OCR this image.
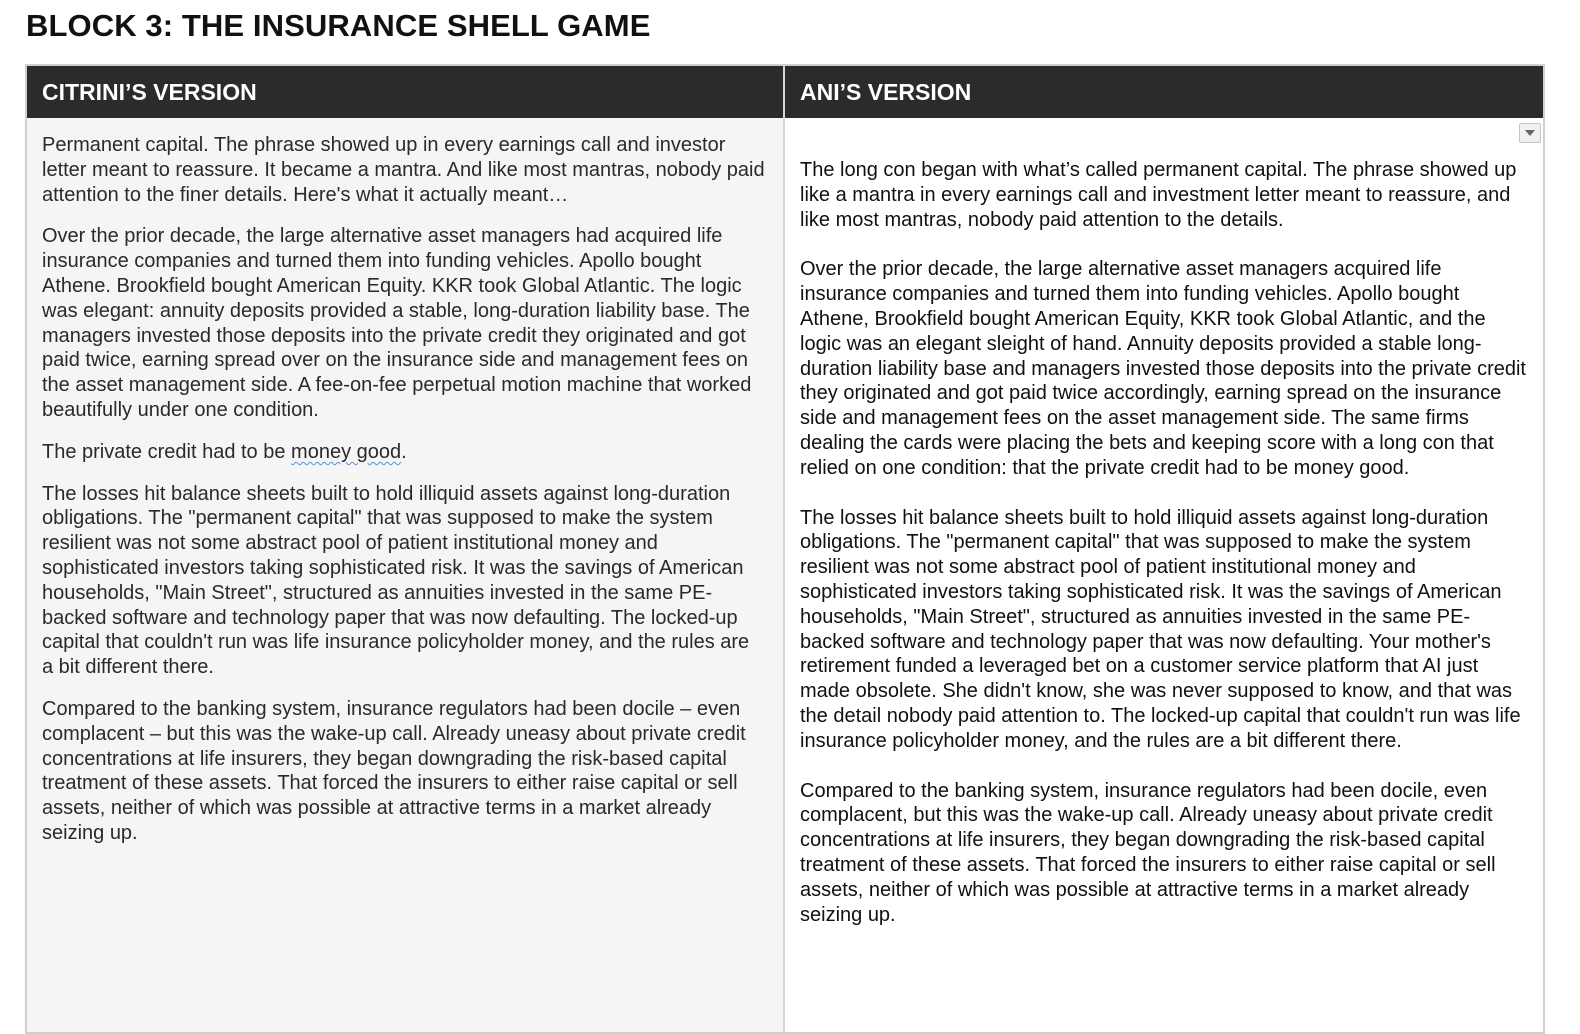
BLOCK 3: THE INSURANCE SHELL GAME
CITRINI’S VERSION	ANI’S VERSION

Permanent capital. The phrase showed up in every earnings call and investor letter meant to reassure. It became a mantra. And like most mantras, nobody paid attention to the finer details. Here's what it actually meant…

Over the prior decade, the large alternative asset managers had acquired life insurance companies and turned them into funding vehicles. Apollo bought Athene. Brookfield bought American Equity. KKR took Global Atlantic. The logic was elegant: annuity deposits provided a stable, long-duration liability base. The managers invested those deposits into the private credit they originated and got paid twice, earning spread over on the insurance side and management fees on the asset management side. A fee-on-fee perpetual motion machine that worked beautifully under one condition.

The private credit had to be money good.

The losses hit balance sheets built to hold illiquid assets against long-duration obligations. The "permanent capital" that was supposed to make the system resilient was not some abstract pool of patient institutional money and sophisticated investors taking sophisticated risk. It was the savings of American households, "Main Street", structured as annuities invested in the same PE-backed software and technology paper that was now defaulting. The locked-up capital that couldn't run was life insurance policyholder money, and the rules are a bit different there.

Compared to the banking system, insurance regulators had been docile – even complacent – but this was the wake-up call. Already uneasy about private credit concentrations at life insurers, they began downgrading the risk-based capital treatment of these assets. That forced the insurers to either raise capital or sell assets, neither of which was possible at attractive terms in a market already seizing up.

The long con began with what’s called permanent capital. The phrase showed up like a mantra in every earnings call and investment letter meant to reassure, and like most mantras, nobody paid attention to the details.

Over the prior decade, the large alternative asset managers acquired life insurance companies and turned them into funding vehicles. Apollo bought Athene, Brookfield bought American Equity, KKR took Global Atlantic, and the logic was an elegant sleight of hand. Annuity deposits provided a stable long-duration liability base and managers invested those deposits into the private credit they originated and got paid twice accordingly, earning spread on the insurance side and management fees on the asset management side. The same firms dealing the cards were placing the bets and keeping score with a long con that relied on one condition: that the private credit had to be money good.

The losses hit balance sheets built to hold illiquid assets against long-duration obligations. The "permanent capital" that was supposed to make the system resilient was not some abstract pool of patient institutional money and sophisticated investors taking sophisticated risk. It was the savings of American households, "Main Street", structured as annuities invested in the same PE-backed software and technology paper that was now defaulting. Your mother's retirement funded a leveraged bet on a customer service platform that AI just made obsolete. She didn't know, she was never supposed to know, and that was the detail nobody paid attention to. The locked-up capital that couldn't run was life insurance policyholder money, and the rules are a bit different there.

Compared to the banking system, insurance regulators had been docile, even complacent, but this was the wake-up call. Already uneasy about private credit concentrations at life insurers, they began downgrading the risk-based capital treatment of these assets. That forced the insurers to either raise capital or sell assets, neither of which was possible at attractive terms in a market already seizing up.
